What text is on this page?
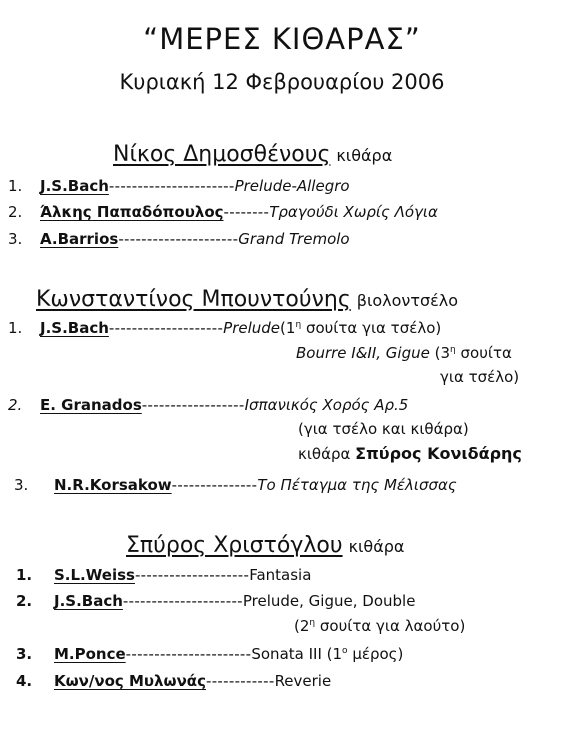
“ΜΕΡΕΣ ΚΙΘΑΡΑΣ”
Κυριακή 12 Φεβρουαρίου 2006
Νίκος Δημοσθένους κιθάρα
1. J.S.Bach----------------------Prelude-Allegro
2. Άλκης Παπαδόπουλος--------Τραγούδι Χωρίς Λόγια
3. A.Barrios---------------------Grand Tremolo
Κωνσταντίνος Μπουντούνης βιολοντσέλο
1. $J.S.Bach--------------------Prelude(1^\eta$ σουίτα για τσέλο)
Bourre I&II, Gigue ($3^\eta$ σουίτα
για τσέλο)
2. E. Granados------------------Ισπανικός Χορός Αρ.5
(για τσέλο και κιθάρα)
κιθάρα Σπύρος Κονιδάρης
3. N.R.Korsakow---------------Το Πέταγμα της Μέλισσας
Σπύρος Χριστόγλου κιθάρα
1. S.L.Weiss--------------------Fantasia
2. J.S.Bach---------------------Prelude, Gigue, Double
($2^\eta$ σουίτα για λαούτο)
3. M.Ponce----------------------Sonata III ($1^o$ μέρος)
4. Κων/νος Μυλωνάς------------Reverie
